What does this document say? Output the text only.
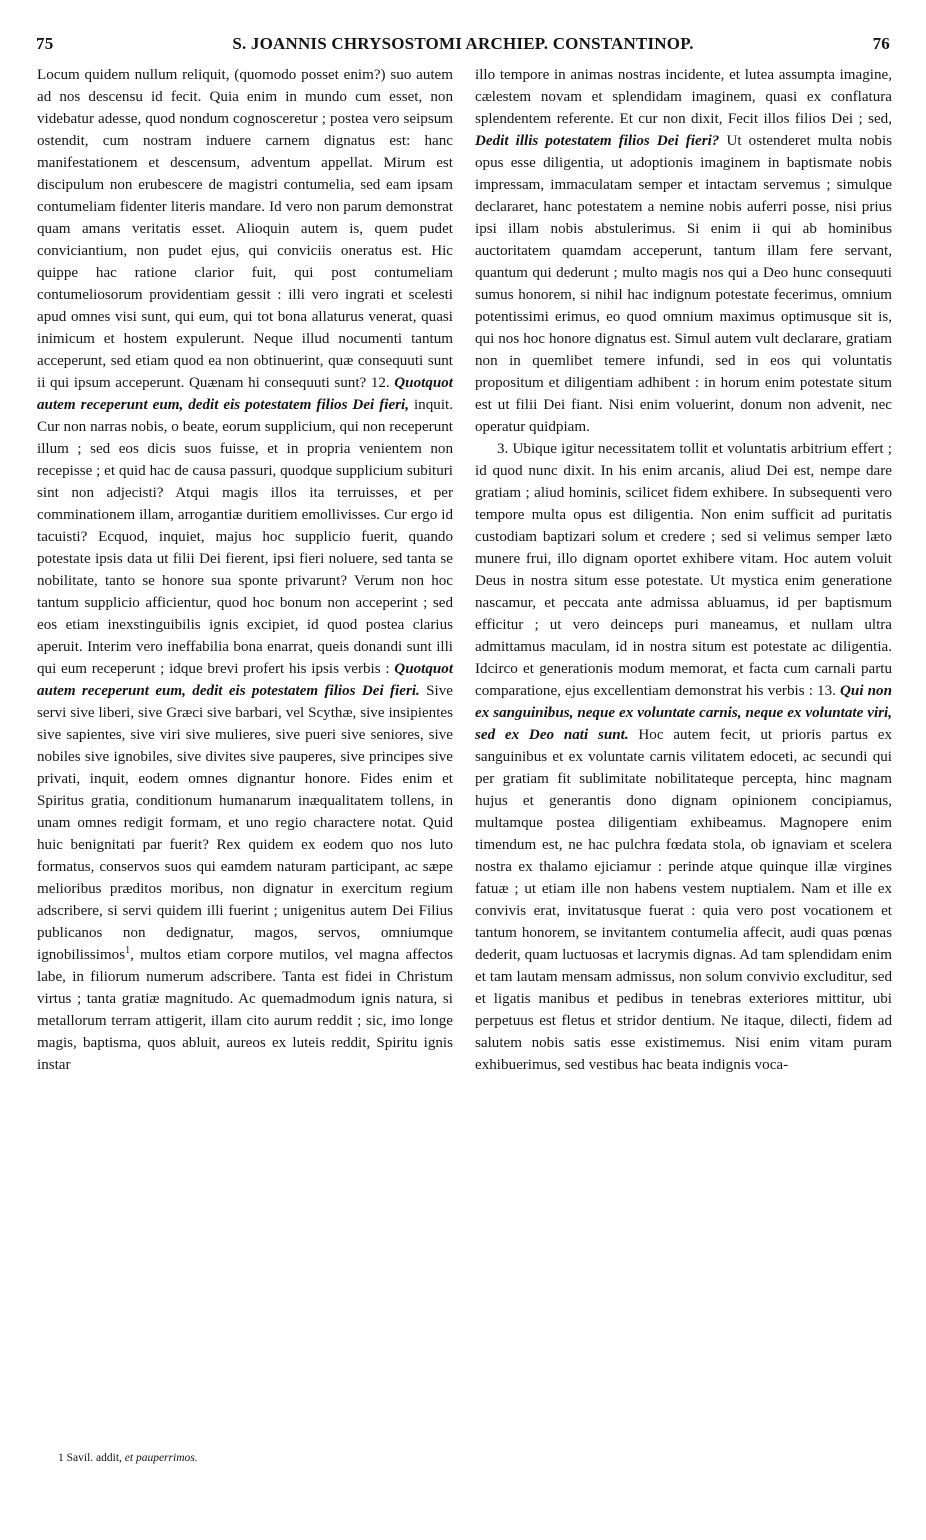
75	S. JOANNIS CHRYSOSTOMI ARCHIEP. CONSTANTINOP.	76

Locum quidem nullum reliquit, (quomodo posset enim?) suo autem ad nos descensu id fecit. Quia enim in mundo cum esset, non videbatur adesse, quod nondum cognosceretur ; postea vero seipsum ostendit, cum nostram induere carnem dignatus est: hanc manifestationem et descensum, adventum appellat. Mirum est discipulum non erubescere de magistri contumelia, sed eam ipsam contumeliam fidenter literis mandare. Id vero non parum demonstrat quam amans veritatis esset. Alioquin autem is, quem pudet conviciantium, non pudet ejus, qui conviciis oneratus est. Hic quippe hac ratione clarior fuit, qui post contumeliam contumeliosorum providentiam gessit : illi vero ingrati et scelesti apud omnes visi sunt, qui eum, qui tot bona allaturus venerat, quasi inimicum et hostem expulerunt. Neque illud nocumenti tantum acceperunt, sed etiam quod ea non obtinuerint, quæ consequuti sunt ii qui ipsum acceperunt. Quænam hi consequuti sunt? 12. Quotquot autem receperunt eum, dedit eis potestatem filios Dei fieri, inquit. Cur non narras nobis, o beate, eorum supplicium, qui non receperunt illum ; sed eos dicis suos fuisse, et in propria venientem non recepisse ; et quid hac de causa passuri, quodque supplicium subituri sint non adjecisti? Atqui magis illos ita terruisses, et per comminationem illam, arrogantiæ duritiem emollivisses. Cur ergo id tacuisti? Ecquod, inquiet, majus hoc supplicio fuerit, quando potestate ipsis data ut filii Dei fierent, ipsi fieri noluere, sed tanta se nobilitate, tanto se honore sua sponte privarunt? Verum non hoc tantum supplicio afficientur, quod hoc bonum non acceperint ; sed eos etiam inexstinguibilis ignis excipiet, id quod postea clarius aperuit. Interim vero ineffabilia bona enarrat, queis donandi sunt illi qui eum receperunt ; idque brevi profert his ipsis verbis : Quotquot autem receperunt eum, dedit eis potestatem filios Dei fieri. Sive servi sive liberi, sive Græci sive barbari, vel Scythæ, sive insipientes sive sapientes, sive viri sive mulieres, sive pueri sive seniores, sive nobiles sive ignobiles, sive divites sive pauperes, sive principes sive privati, inquit, eodem omnes dignantur honore. Fides enim et Spiritus gratia, conditionum humanarum inæqualitatem tollens, in unam omnes redigit formam, et uno regio charactere notat. Quid huic benignitati par fuerit? Rex quidem ex eodem quo nos luto formatus, conservos suos qui eamdem naturam participant, ac sæpe melioribus præditos moribus, non dignatur in exercitum regium adscribere, si servi quidem illi fuerint ; unigenitus autem Dei Filius publicanos non dedignatur, magos, servos, omniumque ignobilissimos$^1$, multos etiam corpore mutilos, vel magna affectos labe, in filiorum numerum adscribere. Tanta est fidei in Christum virtus ; tanta gratiæ magnitudo. Ac quemadmodum ignis natura, si metallorum terram attigerit, illam cito aurum reddit ; sic, imo longe magis, baptisma, quos abluit, aureos ex luteis reddit, Spiritu ignis instar

illo tempore in animas nostras incidente, et lutea assumpta imagine, cælestem novam et splendidam imaginem, quasi ex conflatura splendentem referente. Et cur non dixit, Fecit illos filios Dei ; sed, Dedit illis potestatem filios Dei fieri? Ut ostenderet multa nobis opus esse diligentia, ut adoptionis imaginem in baptismate nobis impressam, immaculatam semper et intactam servemus ; simulque declararet, hanc potestatem a nemine nobis auferri posse, nisi prius ipsi illam nobis abstulerimus. Si enim ii qui ab hominibus auctoritatem quamdam acceperunt, tantum illam fere servant, quantum qui dederunt ; multo magis nos qui a Deo hunc consequuti sumus honorem, si nihil hac indignum potestate fecerimus, omnium potentissimi erimus, eo quod omnium maximus optimusque sit is, qui nos hoc honore dignatus est. Simul autem vult declarare, gratiam non in quemlibet temere infundi, sed in eos qui voluntatis propositum et diligentiam adhibent : in horum enim potestate situm est ut filii Dei fiant. Nisi enim voluerint, donum non advenit, nec operatur quidpiam.

3. Ubique igitur necessitatem tollit et voluntatis arbitrium effert ; id quod nunc dixit. In his enim arcanis, aliud Dei est, nempe dare gratiam ; aliud hominis, scilicet fidem exhibere. In subsequenti vero tempore multa opus est diligentia. Non enim sufficit ad puritatis custodiam baptizari solum et credere ; sed si velimus semper læto munere frui, illo dignam oportet exhibere vitam. Hoc autem voluit Deus in nostra situm esse potestate. Ut mystica enim generatione nascamur, et peccata ante admissa abluamus, id per baptismum efficitur ; ut vero deinceps puri maneamus, et nullam ultra admittamus maculam, id in nostra situm est potestate ac diligentia. Idcirco et generationis modum memorat, et facta cum carnali partu comparatione, ejus excellentiam demonstrat his verbis : 13. Qui non ex sanguinibus, neque ex voluntate carnis, neque ex voluntate viri, sed ex Deo nati sunt. Hoc autem fecit, ut prioris partus ex sanguinibus et ex voluntate carnis vilitatem edoceti, ac secundi qui per gratiam fit sublimitate nobilitateque percepta, hinc magnam hujus et generantis dono dignam opinionem concipiamus, multamque postea diligentiam exhibeamus. Magnopere enim timendum est, ne hac pulchra fœdata stola, ob ignaviam et scelera nostra ex thalamo ejiciamur : perinde atque quinque illæ virgines fatuæ ; ut etiam ille non habens vestem nuptialem. Nam et ille ex convivis erat, invitatusque fuerat : quia vero post vocationem et tantum honorem, se invitantem contumelia affecit, audi quas pœnas dederit, quam luctuosas et lacrymis dignas. Ad tam splendidam enim et tam lautam mensam admissus, non solum convivio excluditur, sed et ligatis manibus et pedibus in tenebras exteriores mittitur, ubi perpetuus est fletus et stridor dentium. Ne itaque, dilecti, fidem ad salutem nobis satis esse existimemus. Nisi enim vitam puram exhibuerimus, sed vestibus hac beata indignis voca-

1 Savil. addit, et pauperrimos.
